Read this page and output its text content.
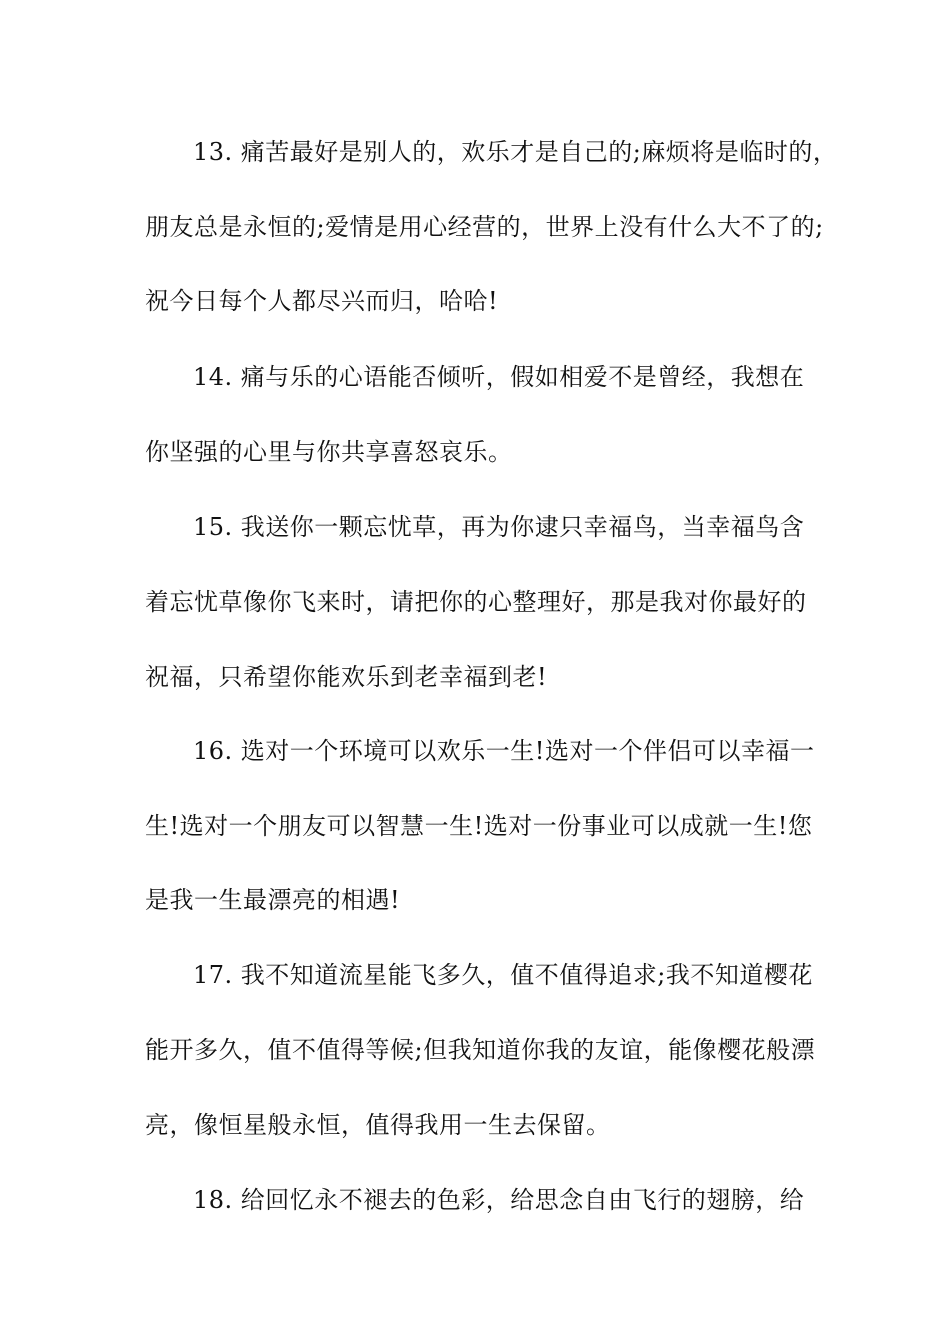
13. 痛苦最好是别人的，欢乐才是自己的;麻烦将是临时的，

朋友总是永恒的;爱情是用心经营的，世界上没有什么大不了的;

祝今日每个人都尽兴而归，哈哈!

14. 痛与乐的心语能否倾听，假如相爱不是曾经，我想在

你坚强的心里与你共享喜怒哀乐。

15. 我送你一颗忘忧草，再为你逮只幸福鸟，当幸福鸟含

着忘忧草像你飞来时，请把你的心整理好，那是我对你最好的

祝福，只希望你能欢乐到老幸福到老!

16. 选对一个环境可以欢乐一生!选对一个伴侣可以幸福一

生!选对一个朋友可以智慧一生!选对一份事业可以成就一生!您

是我一生最漂亮的相遇!

17. 我不知道流星能飞多久，值不值得追求;我不知道樱花

能开多久，值不值得等候;但我知道你我的友谊，能像樱花般漂

亮，像恒星般永恒，值得我用一生去保留。

18. 给回忆永不褪去的色彩，给思念自由飞行的翅膀，给
